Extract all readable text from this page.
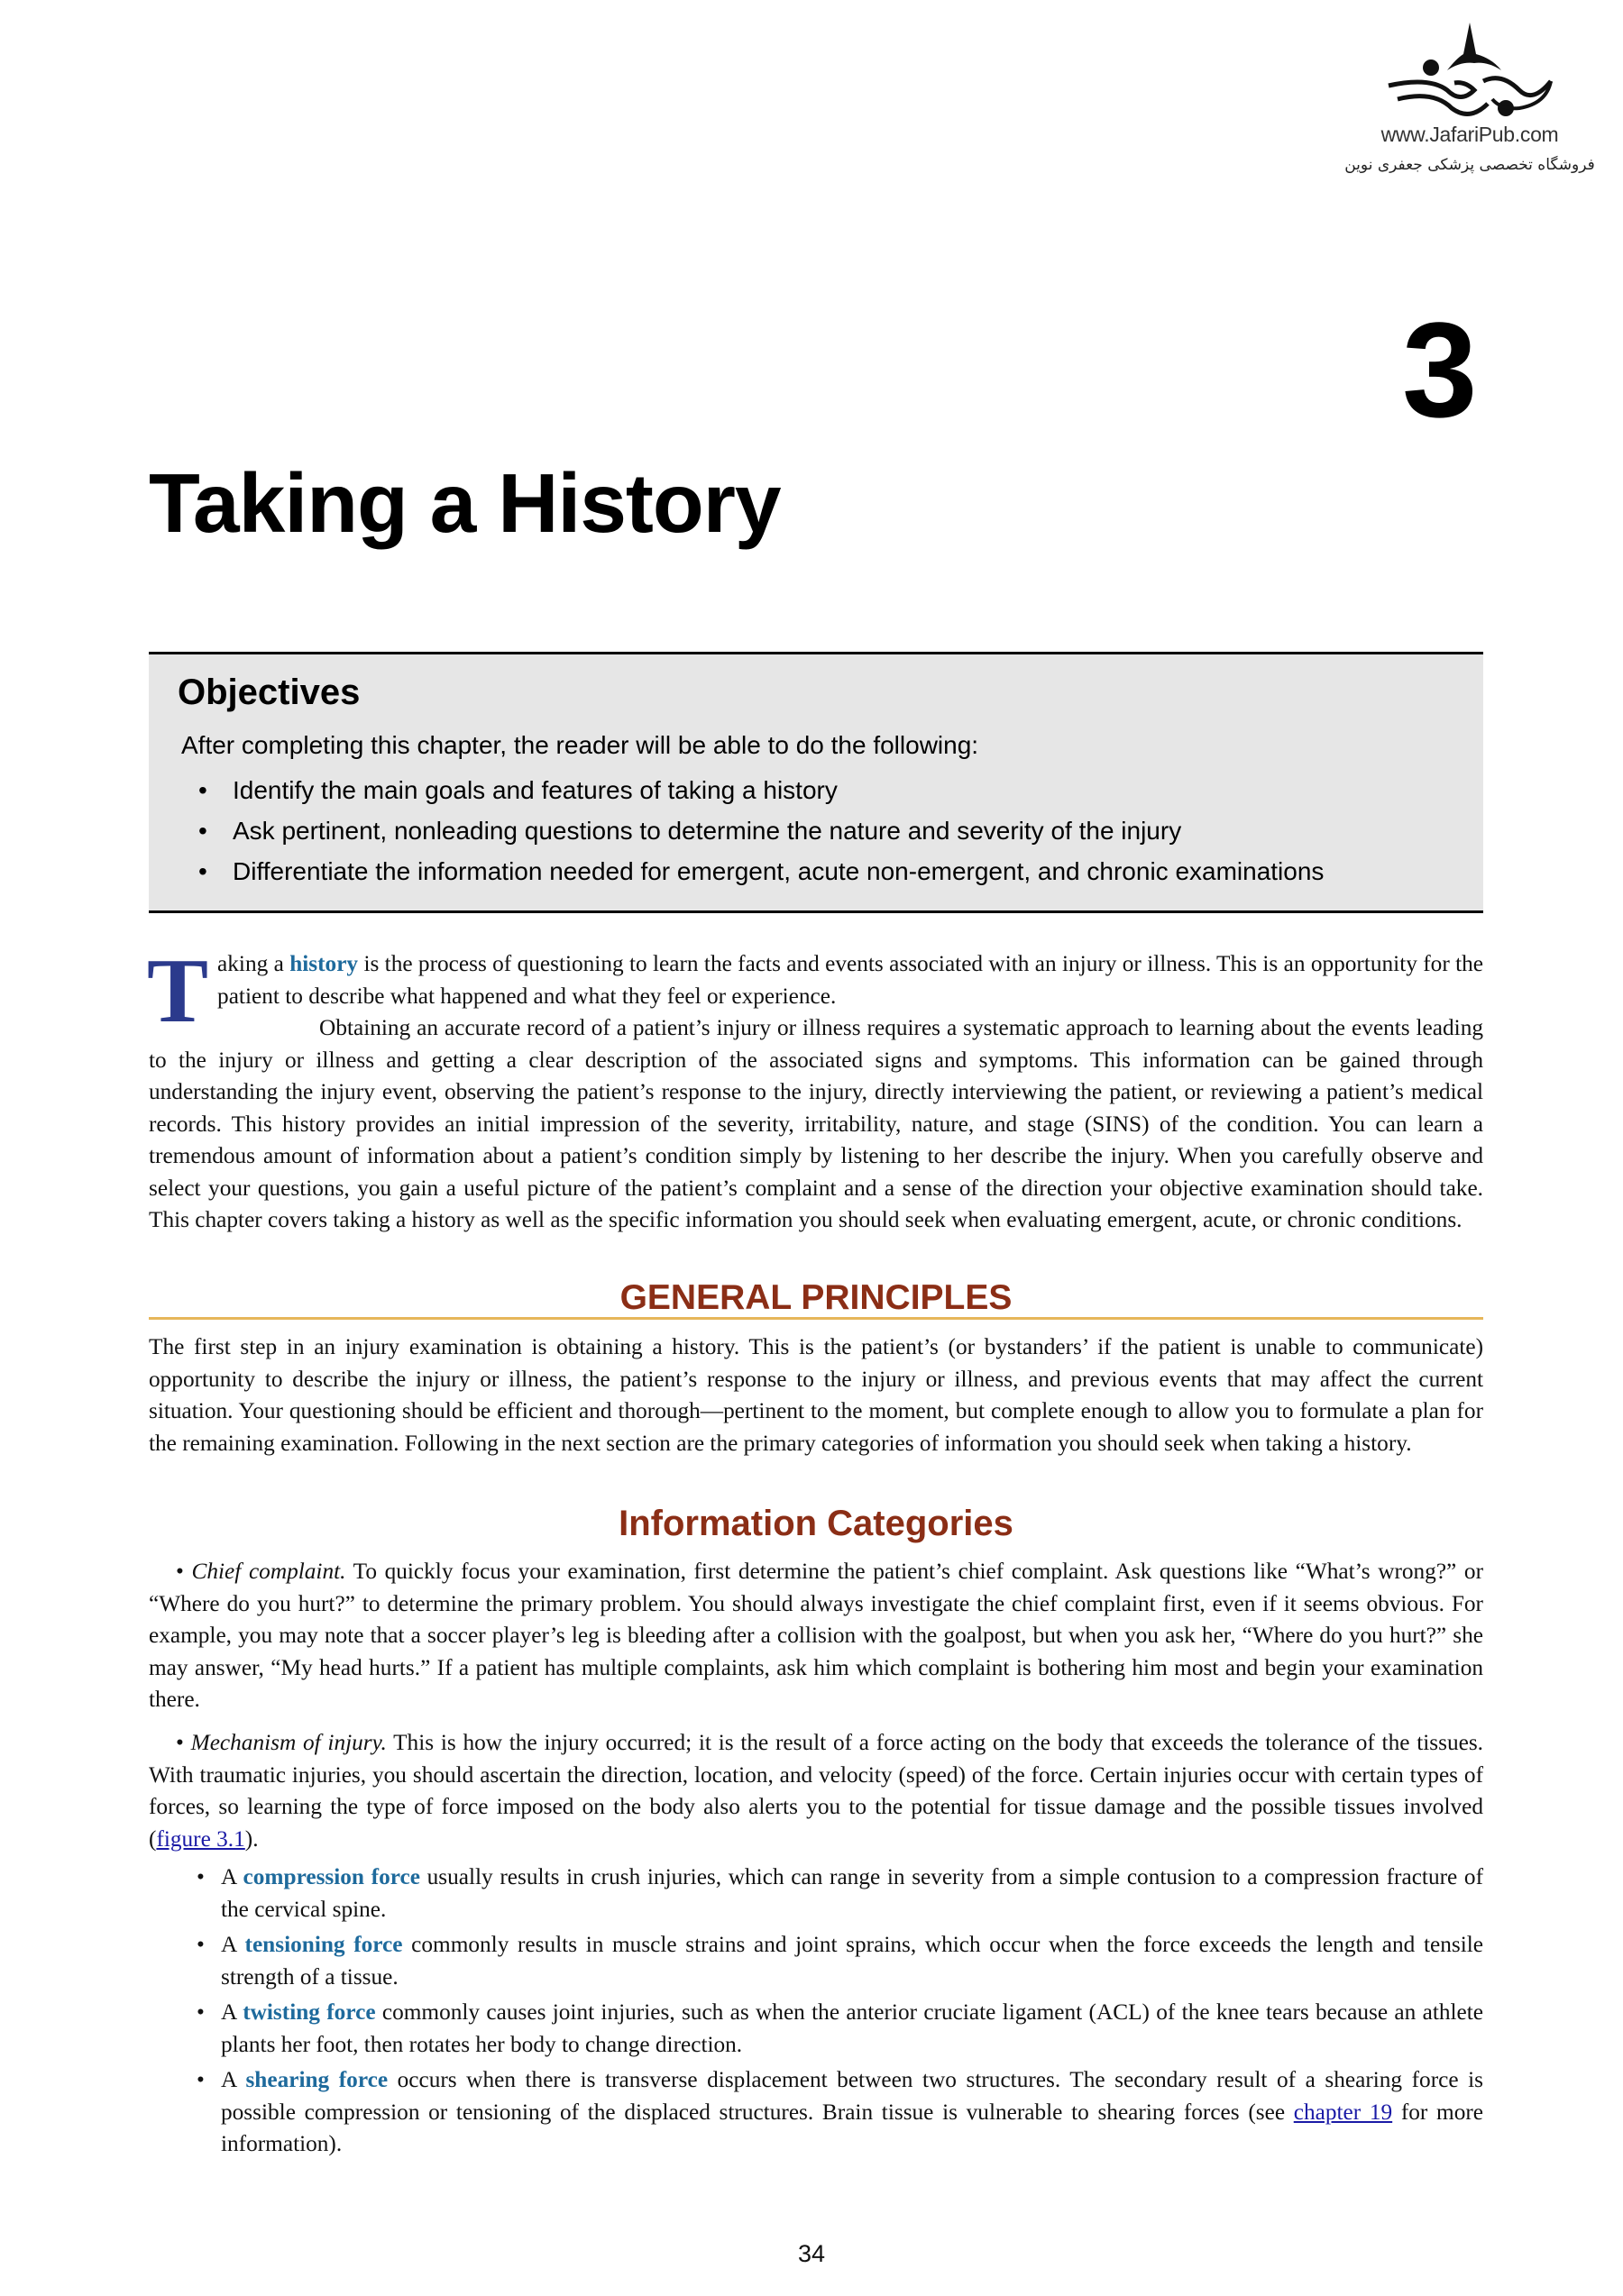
www.JafariPub.com
فروشگاه تخصصی پزشکی جعفری نوین
3
Taking a History
Objectives
After completing this chapter, the reader will be able to do the following:
• Identify the main goals and features of taking a history
• Ask pertinent, nonleading questions to determine the nature and severity of the injury
• Differentiate the information needed for emergent, acute non-emergent, and chronic examinations

Taking a history is the process of questioning to learn the facts and events associated with an injury or illness. This is an opportunity for the patient to describe what happened and what they feel or experience.

Obtaining an accurate record of a patient’s injury or illness requires a systematic approach to learning about the events leading to the injury or illness and getting a clear description of the associated signs and symptoms. This information can be gained through understanding the injury event, observing the patient’s response to the injury, directly interviewing the patient, or reviewing a patient’s medical records. This history provides an initial impression of the severity, irritability, nature, and stage (SINS) of the condition. You can learn a tremendous amount of information about a patient’s condition simply by listening to her describe the injury. When you carefully observe and select your questions, you gain a useful picture of the patient’s complaint and a sense of the direction your objective examination should take. This chapter covers taking a history as well as the specific information you should seek when evaluating emergent, acute, or chronic conditions.

GENERAL PRINCIPLES

The first step in an injury examination is obtaining a history. This is the patient’s (or bystanders’ if the patient is unable to communicate) opportunity to describe the injury or illness, the patient’s response to the injury or illness, and previous events that may affect the current situation. Your questioning should be efficient and thorough—pertinent to the moment, but complete enough to allow you to formulate a plan for the remaining examination. Following in the next section are the primary categories of information you should seek when taking a history.

Information Categories

• Chief complaint. To quickly focus your examination, first determine the patient’s chief complaint. Ask questions like “What’s wrong?” or “Where do you hurt?” to determine the primary problem. You should always investigate the chief complaint first, even if it seems obvious. For example, you may note that a soccer player’s leg is bleeding after a collision with the goalpost, but when you ask her, “Where do you hurt?” she may answer, “My head hurts.” If a patient has multiple complaints, ask him which complaint is bothering him most and begin your examination there.

• Mechanism of injury. This is how the injury occurred; it is the result of a force acting on the body that exceeds the tolerance of the tissues. With traumatic injuries, you should ascertain the direction, location, and velocity (speed) of the force. Certain injuries occur with certain types of forces, so learning the type of force imposed on the body also alerts you to the potential for tissue damage and the possible tissues involved (figure 3.1).

• A compression force usually results in crush injuries, which can range in severity from a simple contusion to a compression fracture of the cervical spine.
• A tensioning force commonly results in muscle strains and joint sprains, which occur when the force exceeds the length and tensile strength of a tissue.
• A twisting force commonly causes joint injuries, such as when the anterior cruciate ligament (ACL) of the knee tears because an athlete plants her foot, then rotates her body to change direction.
• A shearing force occurs when there is transverse displacement between two structures. The secondary result of a shearing force is possible compression or tensioning of the displaced structures. Brain tissue is vulnerable to shearing forces (see chapter 19 for more information).
34
